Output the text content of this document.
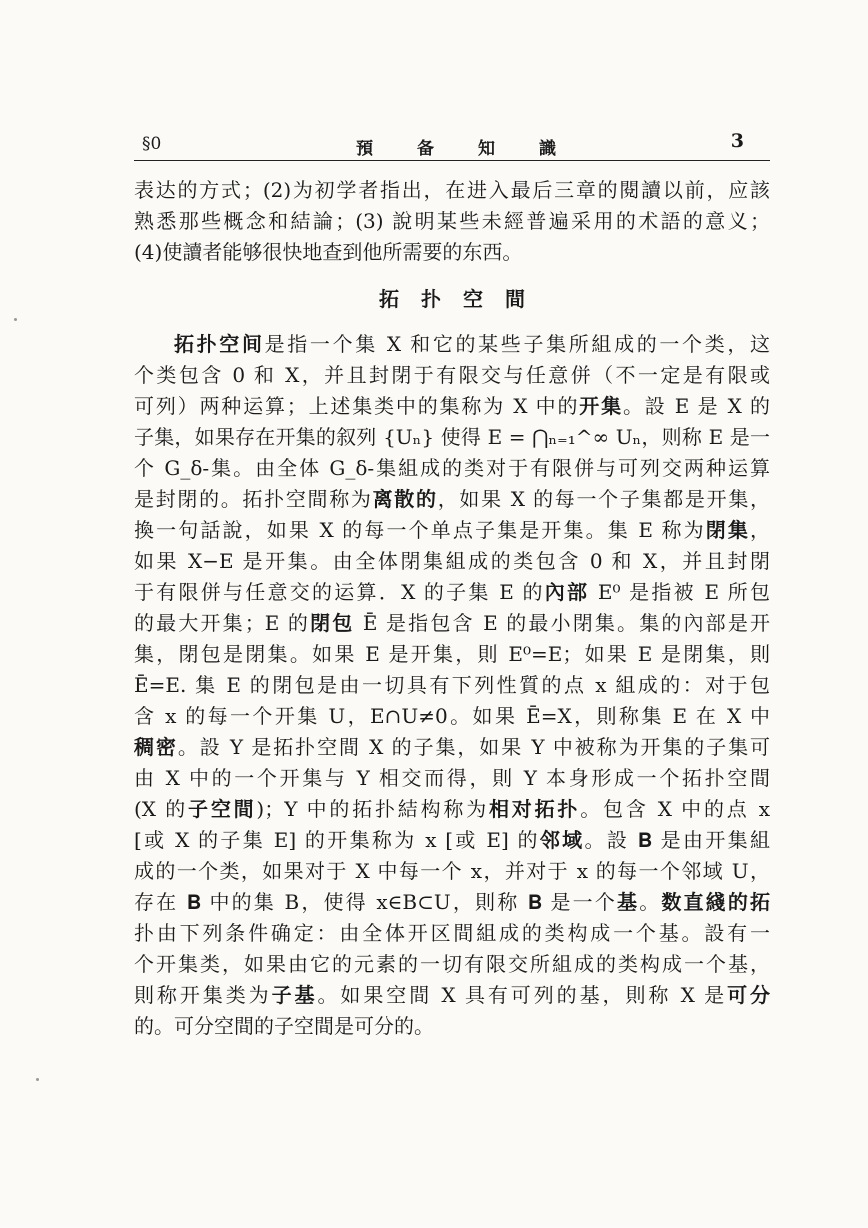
§0	預备知識	3
表达的方式；(2)为初学者指出，在进入最后三章的閱讀以前，应該
熟悉那些概念和結論；(3) 說明某些未經普遍采用的术語的意义；
(4)使讀者能够很快地查到他所需要的东西。
拓扑空間
拓扑空间是指一个集 X 和它的某些子集所組成的一个类，这
个类包含 0 和 X，并且封閉于有限交与任意併（不一定是有限或
可列）两种运算；上述集类中的集称为 X 中的开集。設 E 是 X 的
子集，如果存在开集的叙列 {Uₙ} 使得 E = ⋂ₙ₌₁^∞ Uₙ，则称 E 是一
个 G_δ-集。由全体 G_δ-集組成的类对于有限併与可列交两种运算
是封閉的。拓扑空間称为离散的，如果 X 的每一个子集都是开集，
換一句話說，如果 X 的每一个单点子集是开集。集 E 称为閉集，
如果 X−E 是开集。由全体閉集組成的类包含 0 和 X，并且封閉
于有限併与任意交的运算．X 的子集 E 的內部 E⁰ 是指被 E 所包
的最大开集；E 的閉包 Ē 是指包含 E 的最小閉集。集的內部是开
集，閉包是閉集。如果 E 是开集，則 E⁰=E；如果 E 是閉集，則
Ē=E. 集 E 的閉包是由一切具有下列性質的点 x 組成的：对于包
含 x 的每一个开集 U，E∩U≠0。如果 Ē=X，則称集 E 在 X 中
稠密。設 Y 是拓扑空間 X 的子集，如果 Y 中被称为开集的子集可
由 X 中的一个开集与 Y 相交而得，則 Y 本身形成一个拓扑空間
(X 的子空間)；Y 中的拓扑結构称为相对拓扑。包含 X 中的点 x
[或 X 的子集 E] 的开集称为 x [或 E] 的邻域。設 𝐁 是由开集組
成的一个类，如果对于 X 中每一个 x，并对于 x 的每一个邻域 U，
存在 𝐁 中的集 B，使得 x∈B⊂U，則称 𝐁 是一个基。数直綫的拓
扑由下列条件确定：由全体开区間組成的类构成一个基。設有一
个开集类，如果由它的元素的一切有限交所組成的类构成一个基，
則称开集类为子基。如果空間 X 具有可列的基，則称 X 是可分
的。可分空間的子空間是可分的。
